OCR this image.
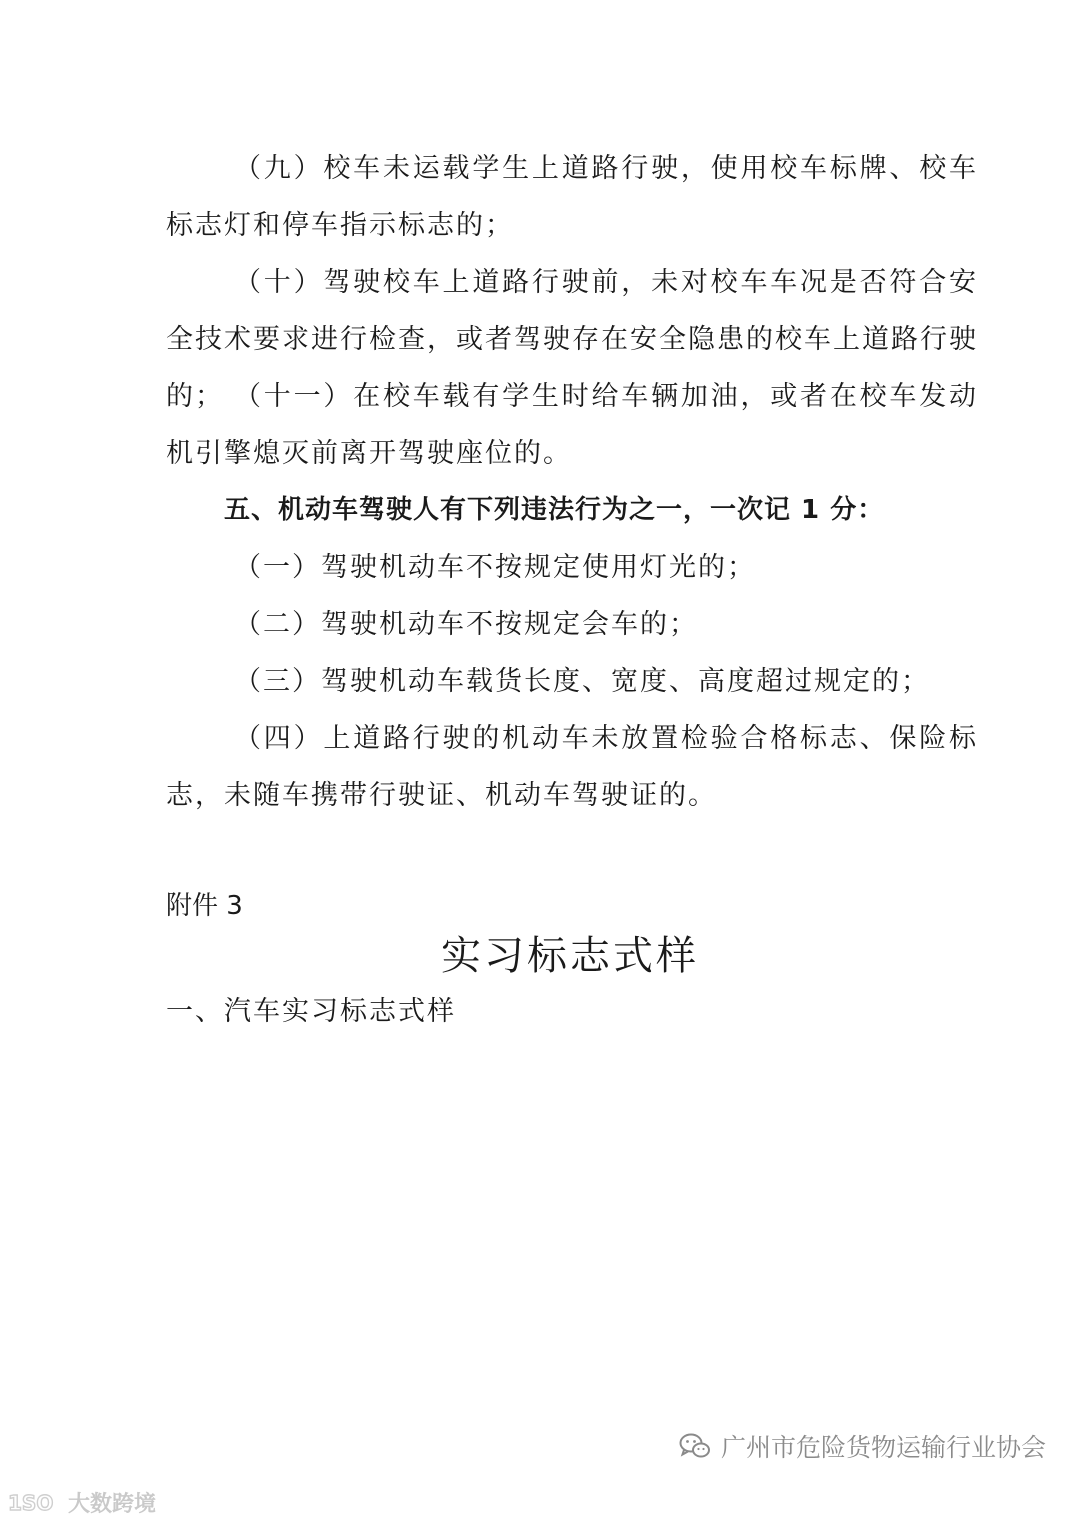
（九）校车未运载学生上道路行驶，使用校车标牌、校车标志灯和停车指示标志的；

（十）驾驶校车上道路行驶前，未对校车车况是否符合安全技术要求进行检查，或者驾驶存在安全隐患的校车上道路行驶的； （十一）在校车载有学生时给车辆加油，或者在校车发动机引擎熄灭前离开驾驶座位的。

五、机动车驾驶人有下列违法行为之一，一次记 1 分：

（一）驾驶机动车不按规定使用灯光的；

（二）驾驶机动车不按规定会车的；

（三）驾驶机动车载货长度、宽度、高度超过规定的；

（四）上道路行驶的机动车未放置检验合格标志、保险标志，未随车携带行驶证、机动车驾驶证的。

附件 3

实习标志式样

一、汽车实习标志式样

广州市危险货物运输行业协会
1SO 大数跨境
